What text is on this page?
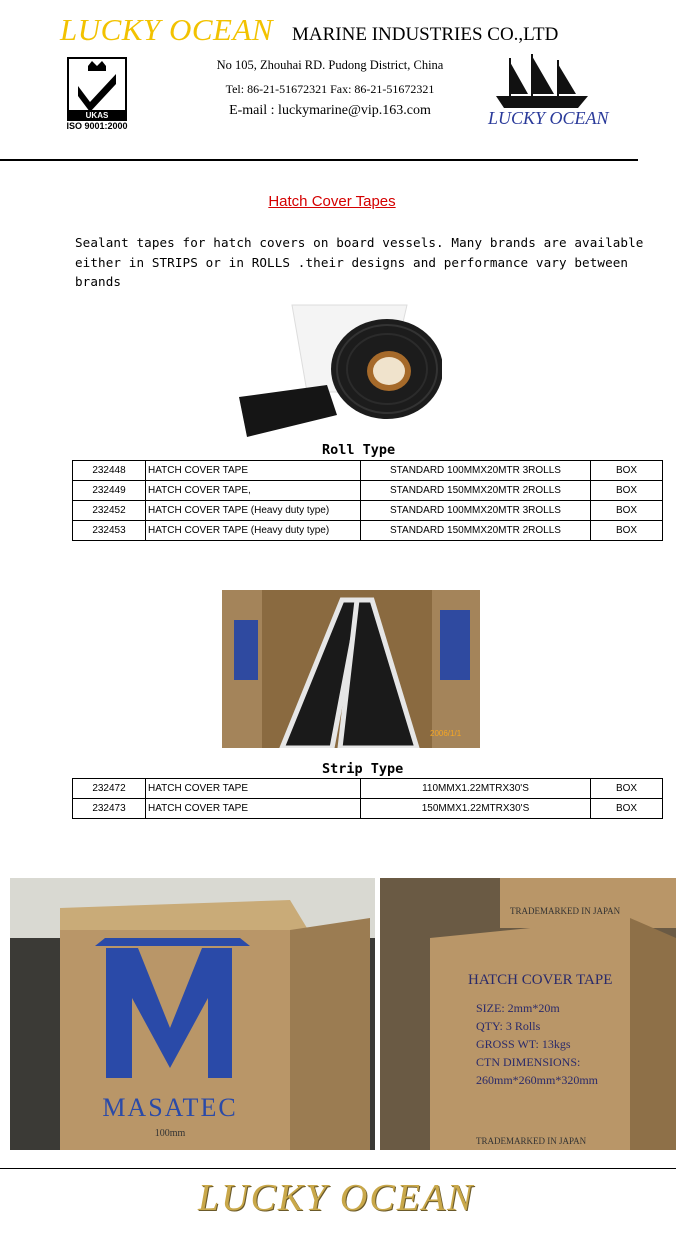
LUCKY OCEAN MARINE INDUSTRIES CO.,LTD
UKAS
ISO 9001:2000
No 105, Zhouhai RD. Pudong District, China
Tel: 86-21-51672321 Fax: 86-21-51672321
E-mail : luckymarine@vip.163.com	LUCKY OCEAN
Hatch Cover Tapes
Sealant tapes for hatch covers on board vessels. Many brands are available either in STRIPS or in ROLLS .their designs and performance vary between brands
Roll Type
232448	HATCH COVER TAPE	STANDARD 100MMX20MTR 3ROLLS	BOX
232449	HATCH COVER TAPE,	STANDARD 150MMX20MTR 2ROLLS	BOX
232452	HATCH COVER TAPE (Heavy duty type)	STANDARD 100MMX20MTR 3ROLLS	BOX
232453	HATCH COVER TAPE (Heavy duty type)	STANDARD 150MMX20MTR 2ROLLS	BOX
2006/1/1
Strip Type
232472	HATCH COVER TAPE	110MMX1.22MTRX30'S	BOX
232473	HATCH COVER TAPE	150MMX1.22MTRX30'S	BOX
MASATEC
100mm
TRADEMARKED IN JAPAN
HATCH COVER TAPE
SIZE: 2mm*20m
QTY: 3 Rolls
GROSS WT: 13kgs
CTN DIMENSIONS:
260mm*260mm*320mm
TRADEMARKED IN JAPAN
LUCKY OCEAN
